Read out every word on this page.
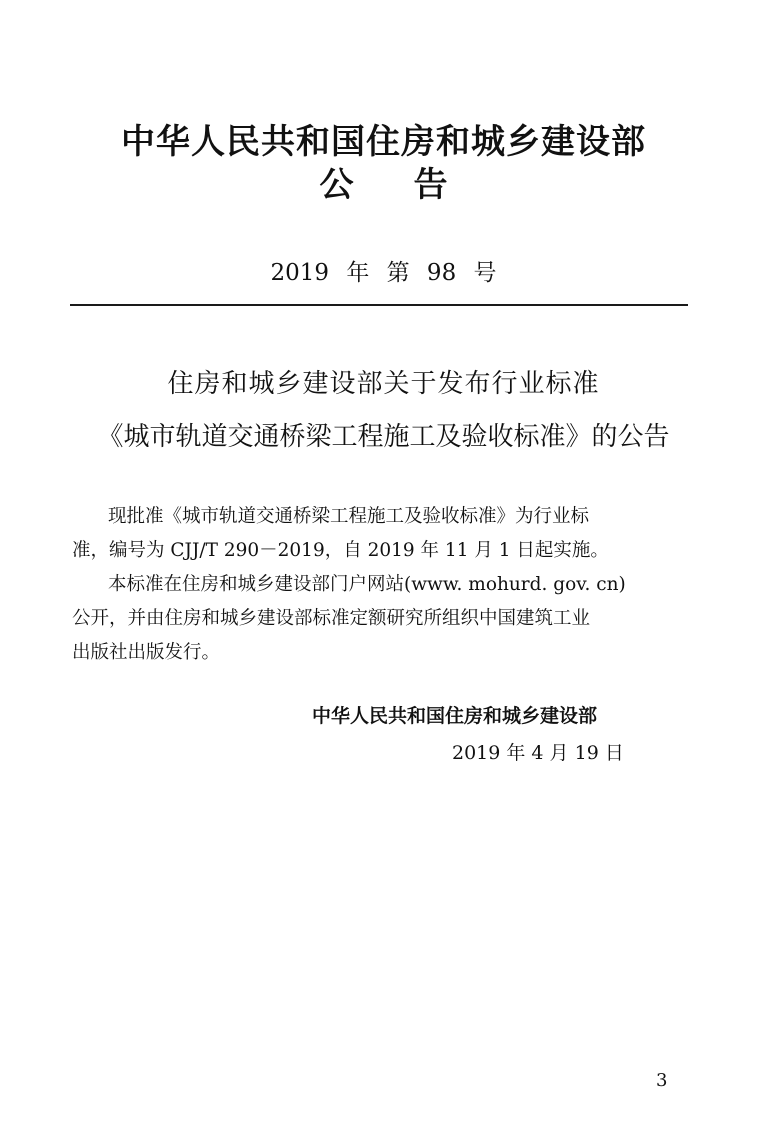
中华人民共和国住房和城乡建设部
公告
2019 年 第 98 号
住房和城乡建设部关于发布行业标准
《城市轨道交通桥梁工程施工及验收标准》的公告
现批准《城市轨道交通桥梁工程施工及验收标准》为行业标
准，编号为 CJJ/T 290－2019，自 2019 年 11 月 1 日起实施。
本标准在住房和城乡建设部门户网站(www. mohurd. gov. cn)
公开，并由住房和城乡建设部标准定额研究所组织中国建筑工业
出版社出版发行。
中华人民共和国住房和城乡建设部
2019 年 4 月 19 日
3
